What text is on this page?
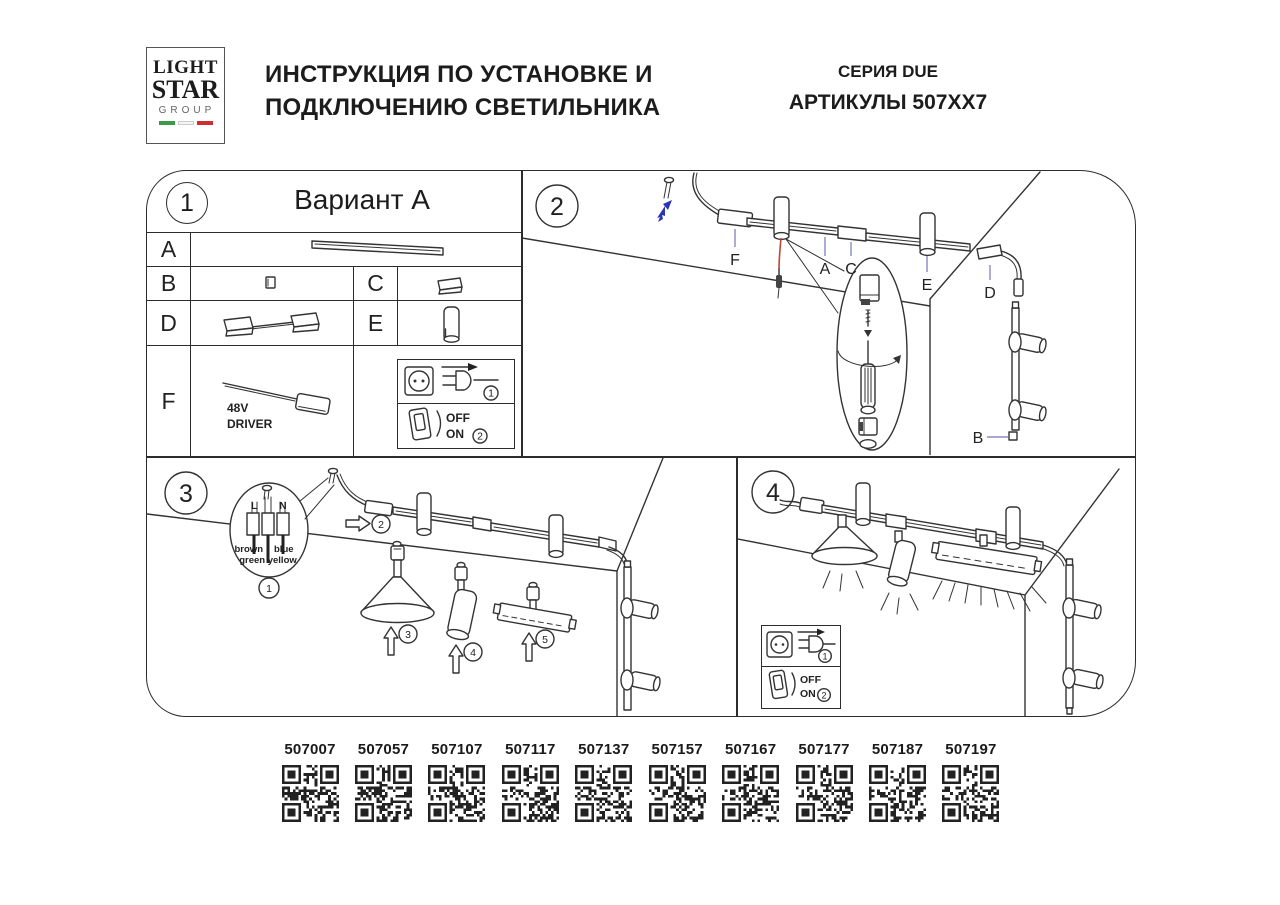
LIGHT
STAR
GROUP
ИНСТРУКЦИЯ ПО УСТАНОВКЕ И
ПОДКЛЮЧЕНИЮ СВЕТИЛЬНИКА
СЕРИЯ DUE
АРТИКУЛЫ 507XX7
1	Вариант А
A
B	C
D	E
F	48V
DRIVER
1
OFF
ON 2
2
F
A C
E	D
B
3	L N
brown blue
green yellow
1
2
3
4
5
4
1
OFF
ON 2
507007 507057 507107 507117 507137 507157 507167 507177 507187 507197
